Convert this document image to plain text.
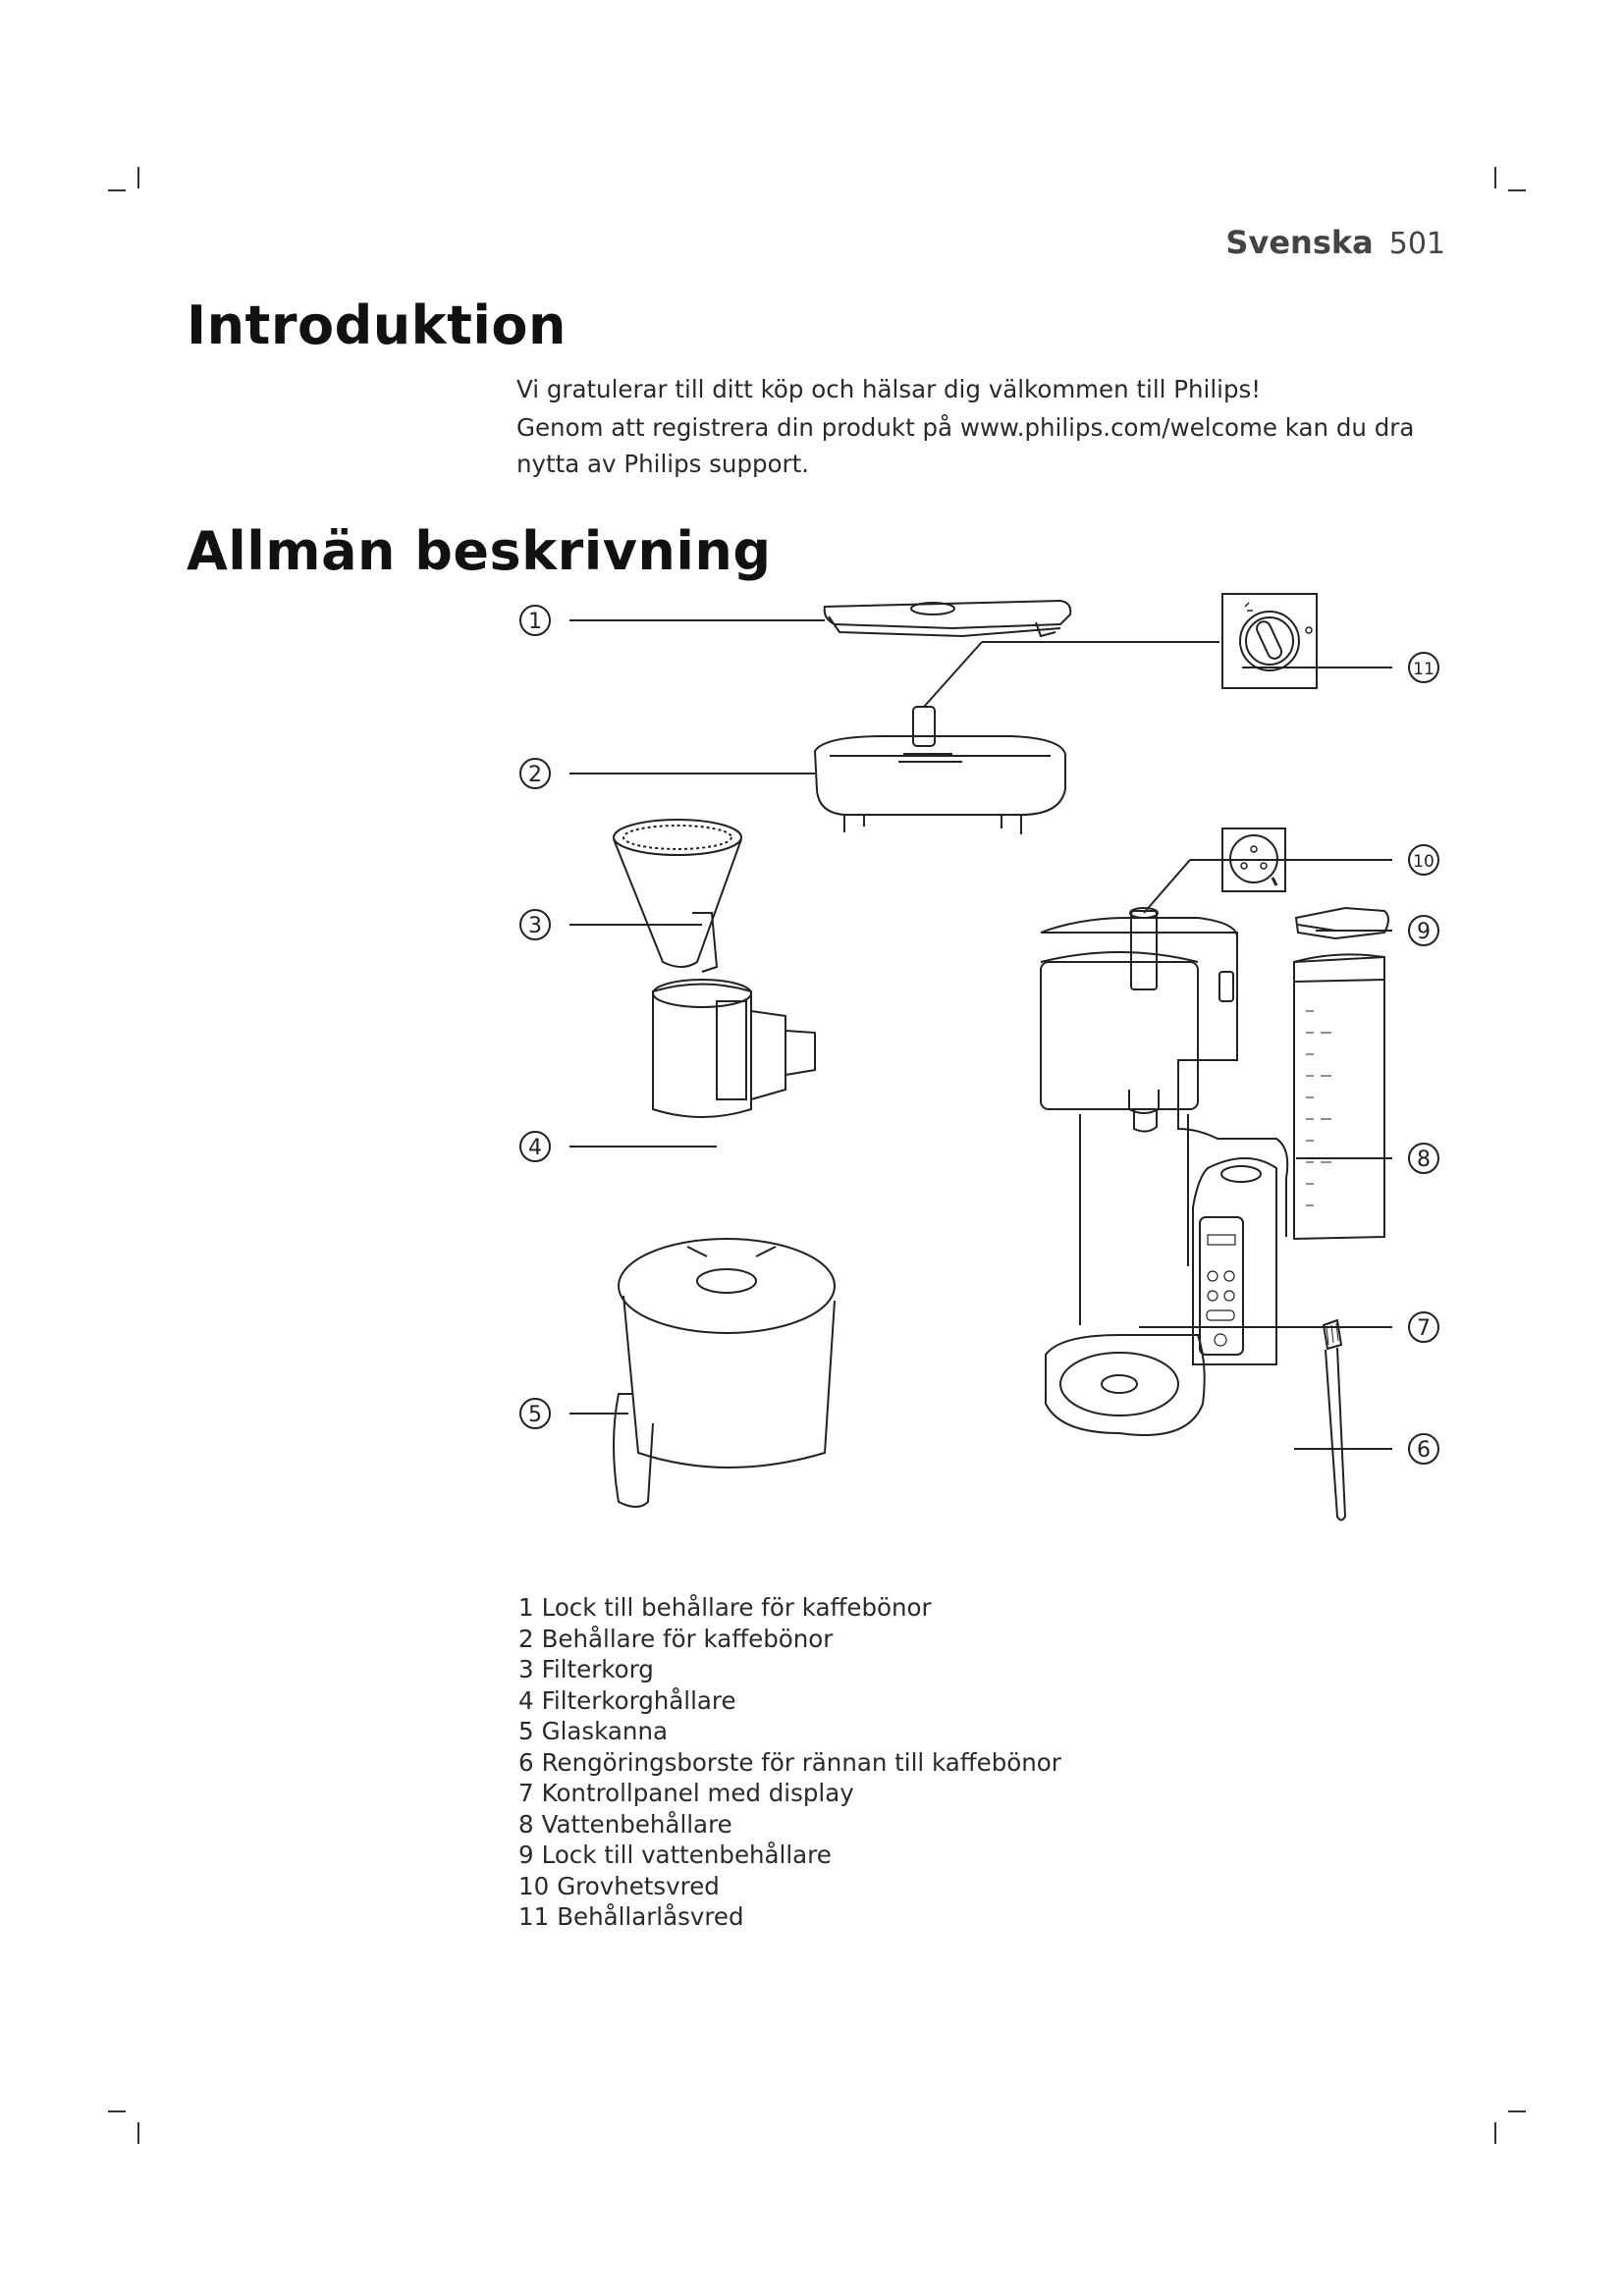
Svenska 501
Introduktion

Vi gratulerar till ditt köp och hälsar dig välkommen till Philips!

Genom att registrera din produkt på www.philips.com/welcome kan du dra nytta av Philips support.

Allmän beskrivning
1
2
3
4
5
11
10
9
8
7
6
1 Lock till behållare för kaffebönor
2 Behållare för kaffebönor
3 Filterkorg
4 Filterkorghållare
5 Glaskanna
6 Rengöringsborste för rännan till kaffebönor
7 Kontrollpanel med display
8 Vattenbehållare
9 Lock till vattenbehållare
10 Grovhetsvred
11 Behållarlåsvred
